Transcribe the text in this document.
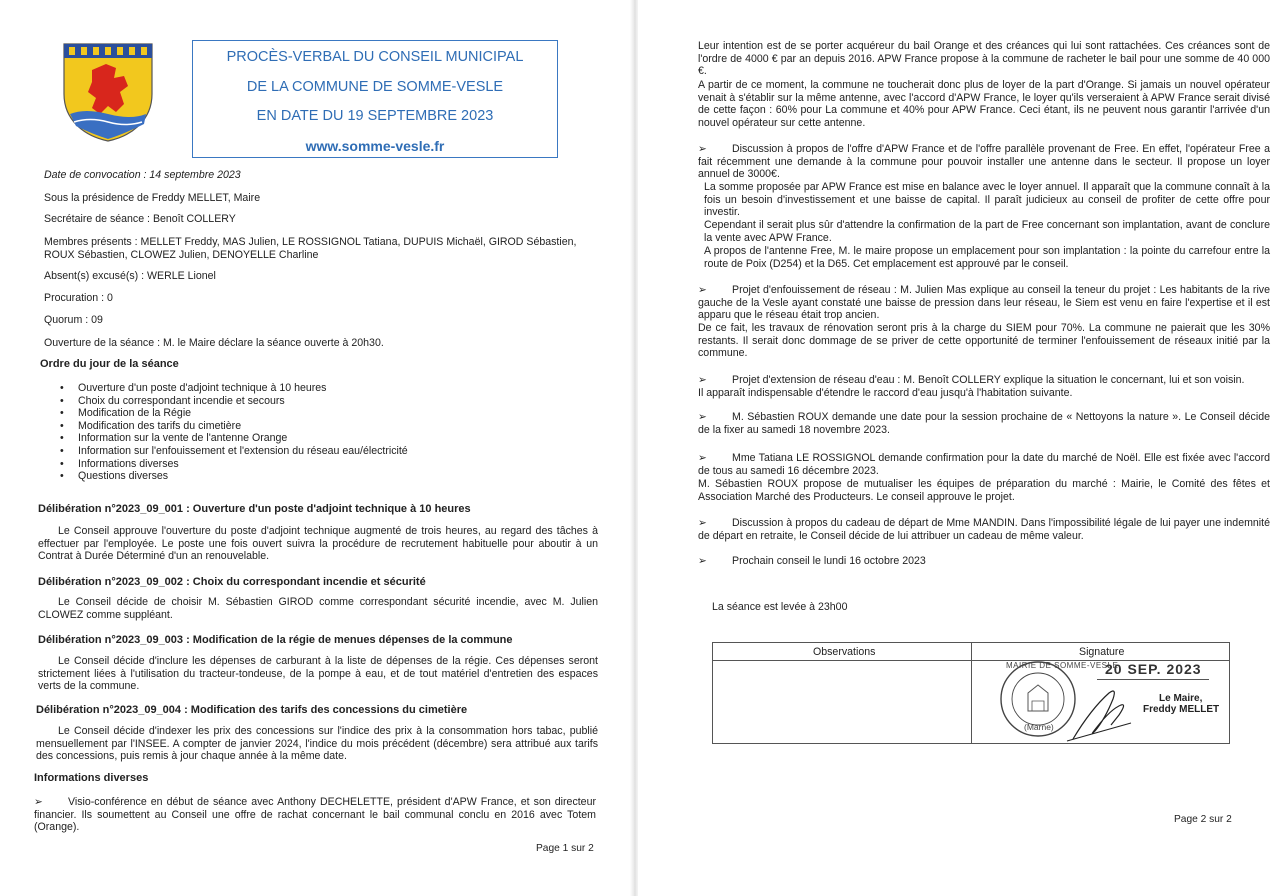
PROCÈS-VERBAL DU CONSEIL MUNICIPAL
DE LA COMMUNE DE SOMME-VESLE
EN DATE DU 19 SEPTEMBRE 2023
www.somme-vesle.fr
Date de convocation : 14 septembre 2023
Sous la présidence de Freddy MELLET, Maire
Secrétaire de séance : Benoît COLLERY
Membres présents : MELLET Freddy, MAS Julien, LE ROSSIGNOL Tatiana, DUPUIS Michaël, GIROD Sébastien,
ROUX Sébastien, CLOWEZ Julien, DENOYELLE Charline
Absent(s) excusé(s) : WERLE Lionel
Procuration : 0
Quorum : 09
Ouverture de la séance : M. le Maire déclare la séance ouverte à 20h30.
Ordre du jour de la séance
• Ouverture d'un poste d'adjoint technique à 10 heures
• Choix du correspondant incendie et secours
• Modification de la Régie
• Modification des tarifs du cimetière
• Information sur la vente de l'antenne Orange
• Information sur l'enfouissement et l'extension du réseau eau/électricité
• Informations diverses
• Questions diverses
Délibération n°2023_09_001 : Ouverture d'un poste d'adjoint technique à 10 heures
Le Conseil approuve l'ouverture du poste d'adjoint technique augmenté de trois heures, au regard des tâches à effectuer par l'employée. Le poste une fois ouvert suivra la procédure de recrutement habituelle pour aboutir à un Contrat à Durée Déterminé d'un an renouvelable.
Délibération n°2023_09_002 : Choix du correspondant incendie et sécurité
Le Conseil décide de choisir M. Sébastien GIROD comme correspondant sécurité incendie, avec M. Julien CLOWEZ comme suppléant.
Délibération n°2023_09_003 : Modification de la régie de menues dépenses de la commune
Le Conseil décide d'inclure les dépenses de carburant à la liste de dépenses de la régie. Ces dépenses seront strictement liées à l'utilisation du tracteur-tondeuse, de la pompe à eau, et de tout matériel d'entretien des espaces verts de la commune.
Délibération n°2023_09_004 : Modification des tarifs des concessions du cimetière
Le Conseil décide d'indexer les prix des concessions sur l'indice des prix à la consommation hors tabac, publié mensuellement par l'INSEE. A compter de janvier 2024, l'indice du mois précédent (décembre) sera attribué aux tarifs des concessions, puis remis à jour chaque année à la même date.
Informations diverses
➢ Visio-conférence en début de séance avec Anthony DECHELETTE, président d'APW France, et son directeur financier. Ils soumettent au Conseil une offre de rachat concernant le bail communal conclu en 2016 avec Totem (Orange).
Page 1 sur 2
Leur intention est de se porter acquéreur du bail Orange et des créances qui lui sont rattachées. Ces créances sont de l'ordre de 4000 € par an depuis 2016. APW France propose à la commune de racheter le bail pour une somme de 40 000 €.
A partir de ce moment, la commune ne toucherait donc plus de loyer de la part d'Orange. Si jamais un nouvel opérateur venait à s'établir sur la même antenne, avec l'accord d'APW France, le loyer qu'ils verseraient à APW France serait divisé de cette façon : 60% pour La commune et 40% pour APW France. Ceci étant, ils ne peuvent nous garantir l'arrivée d'un nouvel opérateur sur cette antenne.
➢ Discussion à propos de l'offre d'APW France et de l'offre parallèle provenant de Free. En effet, l'opérateur Free a fait récemment une demande à la commune pour pouvoir installer une antenne dans le secteur. Il propose un loyer annuel de 3000€.
La somme proposée par APW France est mise en balance avec le loyer annuel. Il apparaît que la commune connaît à la fois un besoin d'investissement et une baisse de capital. Il paraît judicieux au conseil de profiter de cette offre pour investir.
Cependant il serait plus sûr d'attendre la confirmation de la part de Free concernant son implantation, avant de conclure la vente avec APW France.
A propos de l'antenne Free, M. le maire propose un emplacement pour son implantation : la pointe du carrefour entre la route de Poix (D254) et la D65. Cet emplacement est approuvé par le conseil.
➢ Projet d'enfouissement de réseau : M. Julien Mas explique au conseil la teneur du projet : Les habitants de la rive gauche de la Vesle ayant constaté une baisse de pression dans leur réseau, le Siem est venu en faire l'expertise et il est apparu que le réseau était trop ancien.
De ce fait, les travaux de rénovation seront pris à la charge du SIEM pour 70%. La commune ne paierait que les 30% restants. Il serait donc dommage de se priver de cette opportunité de terminer l'enfouissement de réseaux initié par la commune.
➢ Projet d'extension de réseau d'eau : M. Benoît COLLERY explique la situation le concernant, lui et son voisin.
Il apparaît indispensable d'étendre le raccord d'eau jusqu'à l'habitation suivante.
➢ M. Sébastien ROUX demande une date pour la session prochaine de « Nettoyons la nature ». Le Conseil décide de la fixer au samedi 18 novembre 2023.
➢ Mme Tatiana LE ROSSIGNOL demande confirmation pour la date du marché de Noël. Elle est fixée avec l'accord de tous au samedi 16 décembre 2023.
M. Sébastien ROUX propose de mutualiser les équipes de préparation du marché : Mairie, le Comité des fêtes et Association Marché des Producteurs. Le conseil approuve le projet.
➢ Discussion à propos du cadeau de départ de Mme MANDIN. Dans l'impossibilité légale de lui payer une indemnité de départ en retraite, le Conseil décide de lui attribuer un cadeau de même valeur.
➢ Prochain conseil le lundi 16 octobre 2023
La séance est levée à 23h00
Page 2 sur 2
Observations	Signature
20 SEP. 2023
MAIRIE DE SOMME-VESLE
(Marne)
Le Maire,
Freddy MELLET
